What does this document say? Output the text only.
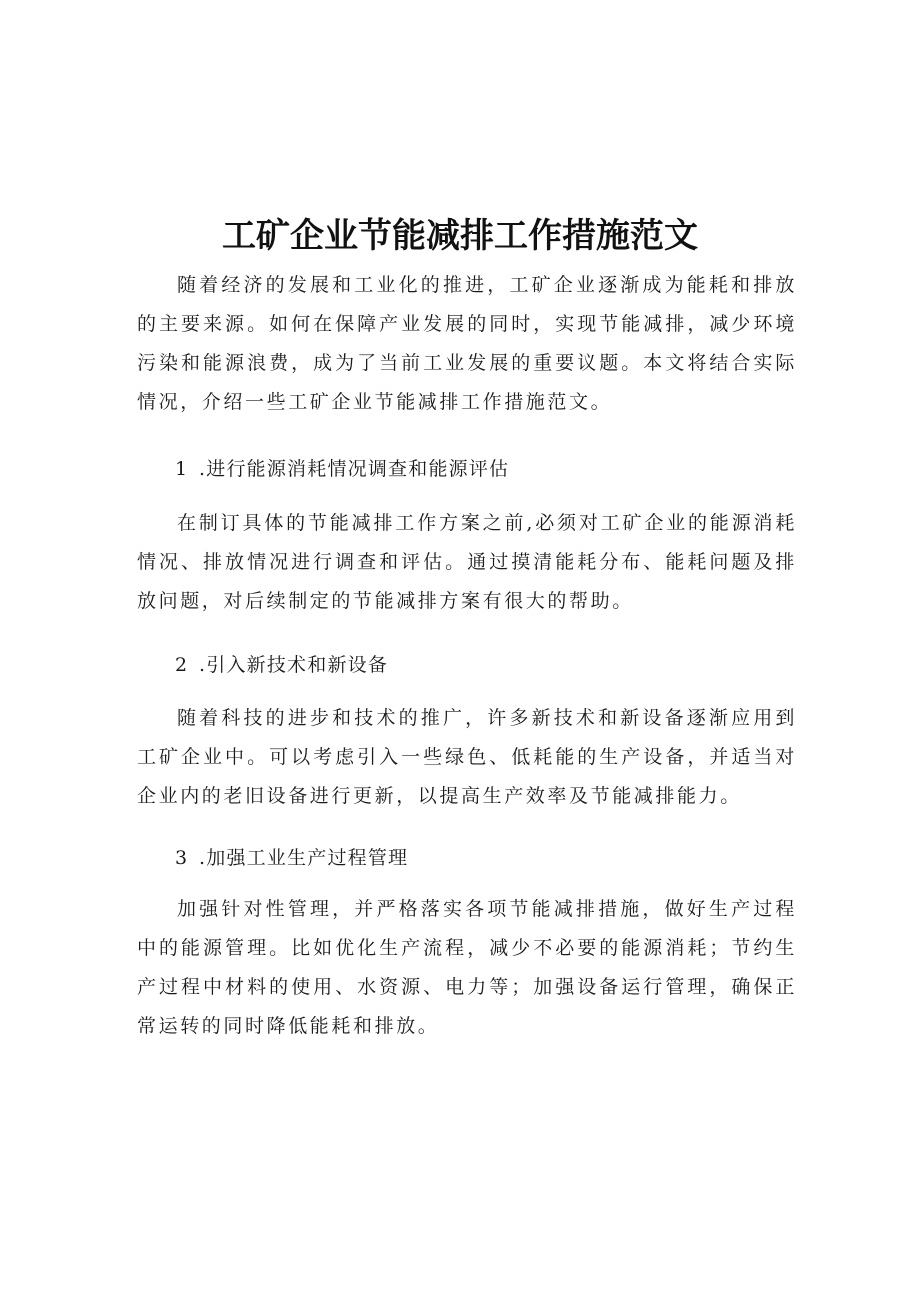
工矿企业节能减排工作措施范文

随着经济的发展和工业化的推进，工矿企业逐渐成为能耗和排放的主要来源。如何在保障产业发展的同时，实现节能减排，减少环境污染和能源浪费，成为了当前工业发展的重要议题。本文将结合实际情况，介绍一些工矿企业节能减排工作措施范文。

1 .进行能源消耗情况调查和能源评估

在制订具体的节能减排工作方案之前,必须对工矿企业的能源消耗情况、排放情况进行调查和评估。通过摸清能耗分布、能耗问题及排放问题，对后续制定的节能减排方案有很大的帮助。

2 .引入新技术和新设备

随着科技的进步和技术的推广，许多新技术和新设备逐渐应用到工矿企业中。可以考虑引入一些绿色、低耗能的生产设备，并适当对企业内的老旧设备进行更新，以提高生产效率及节能减排能力。

3 .加强工业生产过程管理

加强针对性管理，并严格落实各项节能减排措施，做好生产过程中的能源管理。比如优化生产流程，减少不必要的能源消耗；节约生产过程中材料的使用、水资源、电力等；加强设备运行管理，确保正常运转的同时降低能耗和排放。
